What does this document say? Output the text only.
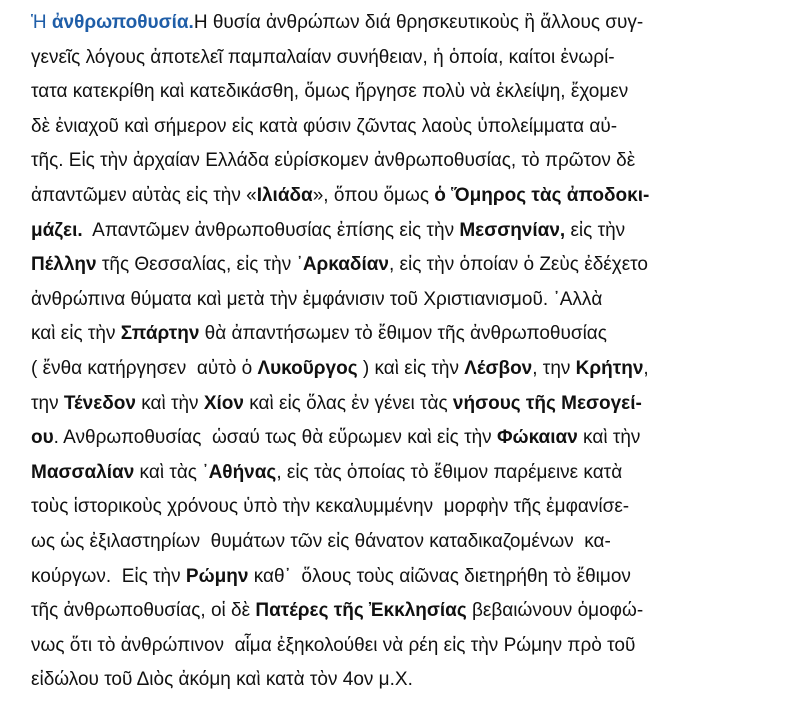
Ἡ ἀνθρωποθυσία.Η θυσία ἀνθρώπων διά θρησκευτικοὺς ἢ ἄλλους συγ-
γενεῖς λόγους ἀποτελεῖ παμπαλαίαν συνήθειαν, ἡ ὁποία, καίτοι ἐνωρί-
τατα κατεκρίθη καὶ κατεδικάσθη, ὅμως ἤργησε πολὺ νὰ ἐκλείψη, ἔχομεν
δὲ ἐνιαχοῦ καὶ σήμερον εἰς κατὰ φύσιν ζῶντας λαοὺς ὑπολείμματα αὐ-
τῆς. Εἰς τὴν ἀρχαίαν Ελλάδα εὑρίσκομεν ἀνθρωποθυσίας, τὸ πρῶτον δὲ
ἀπαντῶμεν αὐτὰς εἰς τὴν «Ιλιάδα», ὅπου ὅμως ὁ Ὅμηρος τὰς ἀποδοκι-
μάζει.  Απαντῶμεν ἀνθρωποθυσίας ἐπίσης εἰς τὴν Μεσσηνίαν, εἰς τὴν
Πέλλην τῆς Θεσσαλίας, εἰς τὴν ᾿Αρκαδίαν, εἰς τὴν ὁποίαν ὁ Ζεὺς ἐδέχετο
ἀνθρώπινα θύματα καὶ μετὰ τὴν ἐμφάνισιν τοῦ Χριστιανισμοῦ. ᾿Αλλὰ
καὶ εἰς τὴν Σπάρτην θὰ ἀπαντήσωμεν τὸ ἔθιμον τῆς ἀνθρωποθυσίας
( ἔνθα κατήργησεν  αὐτὸ ὁ Λυκοῦργος ) καὶ εἰς τὴν Λέσβον, την Κρήτην,
την Τένεδον καὶ τὴν Χίον καὶ εἰς ὅλας ἐν γένει τὰς νήσους τῆς Μεσογεί-
ου. Ανθρωποθυσίας  ὡσαύ τως θὰ εὕρωμεν καὶ εἰς τὴν Φώκαιαν καὶ τὴν
Μασσαλίαν καὶ τὰς ᾿Αθήνας, εἰς τὰς ὁποίας τὸ ἔθιμον παρέμεινε κατὰ
τοὺς ἱστορικοὺς χρόνους ὑπὸ τὴν κεκαλυμμένην  μορφὴν τῆς ἐμφανίσε-
ως ὡς ἐξιλαστηρίων  θυμάτων τῶν εἰς θάνατον καταδικαζομένων  κα-
κούργων.  Εἰς τὴν Ρώμην καθ᾿  ὅλους τοὺς αἰῶνας διετηρήθη τὸ ἔθιμον
τῆς ἀνθρωποθυσίας, οἱ δὲ Πατέρες τῆς Ἐκκλησίας βεβαιώνουν ὁμοφώ-
νως ὅτι τὸ ἀνθρώπινον  αἷμα ἐξηκολούθει νὰ ρέη εἰς τὴν Ρώμην πρὸ τοῦ
εἰδώλου τοῦ Διὸς ἀκόμη καὶ κατὰ τὸν 4ον μ.Χ.
